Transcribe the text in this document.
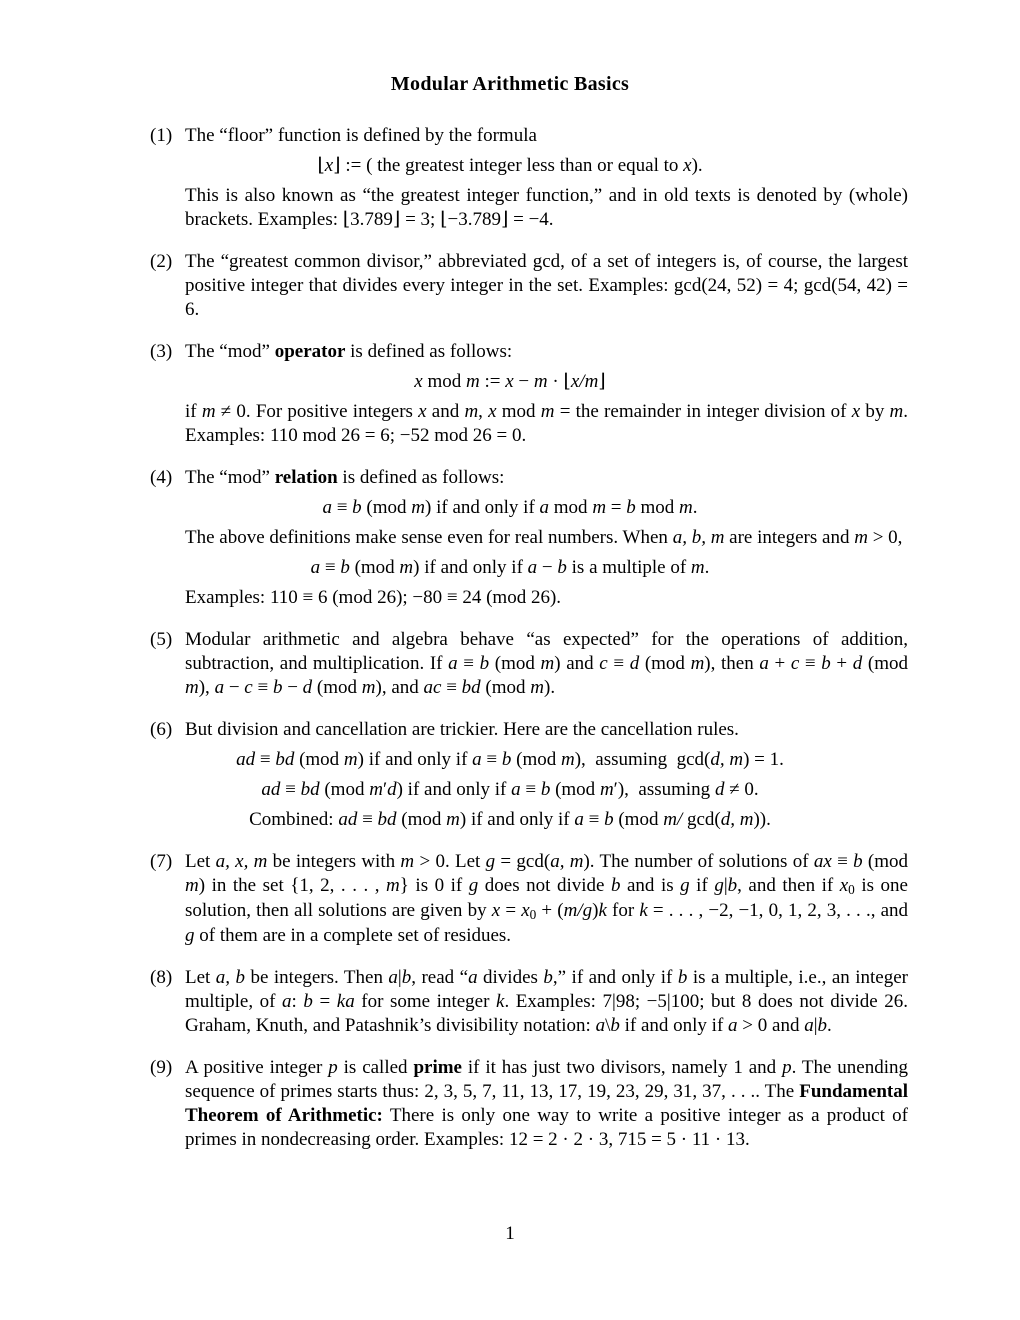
Modular Arithmetic Basics
(1) The “floor” function is defined by the formula
⌊x⌋ := ( the greatest integer less than or equal to x).
This is also known as “the greatest integer function,” and in old texts is denoted by (whole) brackets. Examples: ⌊3.789⌋ = 3; ⌊−3.789⌋ = −4.
(2) The “greatest common divisor,” abbreviated gcd, of a set of integers is, of course, the largest positive integer that divides every integer in the set. Examples: gcd(24, 52) = 4; gcd(54, 42) = 6.
(3) The “mod” operator is defined as follows:
x mod m := x − m · ⌊x/m⌋
if m ≠ 0. For positive integers x and m, x mod m = the remainder in integer division of x by m. Examples: 110 mod 26 = 6; −52 mod 26 = 0.
(4) The “mod” relation is defined as follows:
a ≡ b (mod m) if and only if a mod m = b mod m.
The above definitions make sense even for real numbers. When a, b, m are integers and m > 0,
a ≡ b (mod m) if and only if a − b is a multiple of m.
Examples: 110 ≡ 6 (mod 26); −80 ≡ 24 (mod 26).
(5) Modular arithmetic and algebra behave “as expected” for the operations of addition, subtraction, and multiplication. If a ≡ b (mod m) and c ≡ d (mod m), then a + c ≡ b + d (mod m), a − c ≡ b − d (mod m), and ac ≡ bd (mod m).
(6) But division and cancellation are trickier. Here are the cancellation rules.
ad ≡ bd (mod m) if and only if a ≡ b (mod m),  assuming  gcd(d, m) = 1.
ad ≡ bd (mod m′d) if and only if a ≡ b (mod m′),  assuming d ≠ 0.
Combined: ad ≡ bd (mod m) if and only if a ≡ b (mod m/ gcd(d, m)).
(7) Let a, x, m be integers with m > 0. Let g = gcd(a, m). The number of solutions of ax ≡ b (mod m) in the set {1, 2, . . . , m} is 0 if g does not divide b and is g if g|b, and then if $x_0$ is one solution, then all solutions are given by $x = x_0 + (m/g)k$ for k = . . . , −2, −1, 0, 1, 2, 3, . . ., and g of them are in a complete set of residues.
(8) Let a, b be integers. Then a|b, read “a divides b,” if and only if b is a multiple, i.e., an integer multiple, of a: b = ka for some integer k. Examples: 7|98; −5|100; but 8 does not divide 26. Graham, Knuth, and Patashnik’s divisibility notation: a\b if and only if a > 0 and a|b.
(9) A positive integer p is called prime if it has just two divisors, namely 1 and p. The unending sequence of primes starts thus: 2, 3, 5, 7, 11, 13, 17, 19, 23, 29, 31, 37, . . .. The Fundamental Theorem of Arithmetic: There is only one way to write a positive integer as a product of primes in nondecreasing order. Examples: 12 = 2 · 2 · 3, 715 = 5 · 11 · 13.
1
